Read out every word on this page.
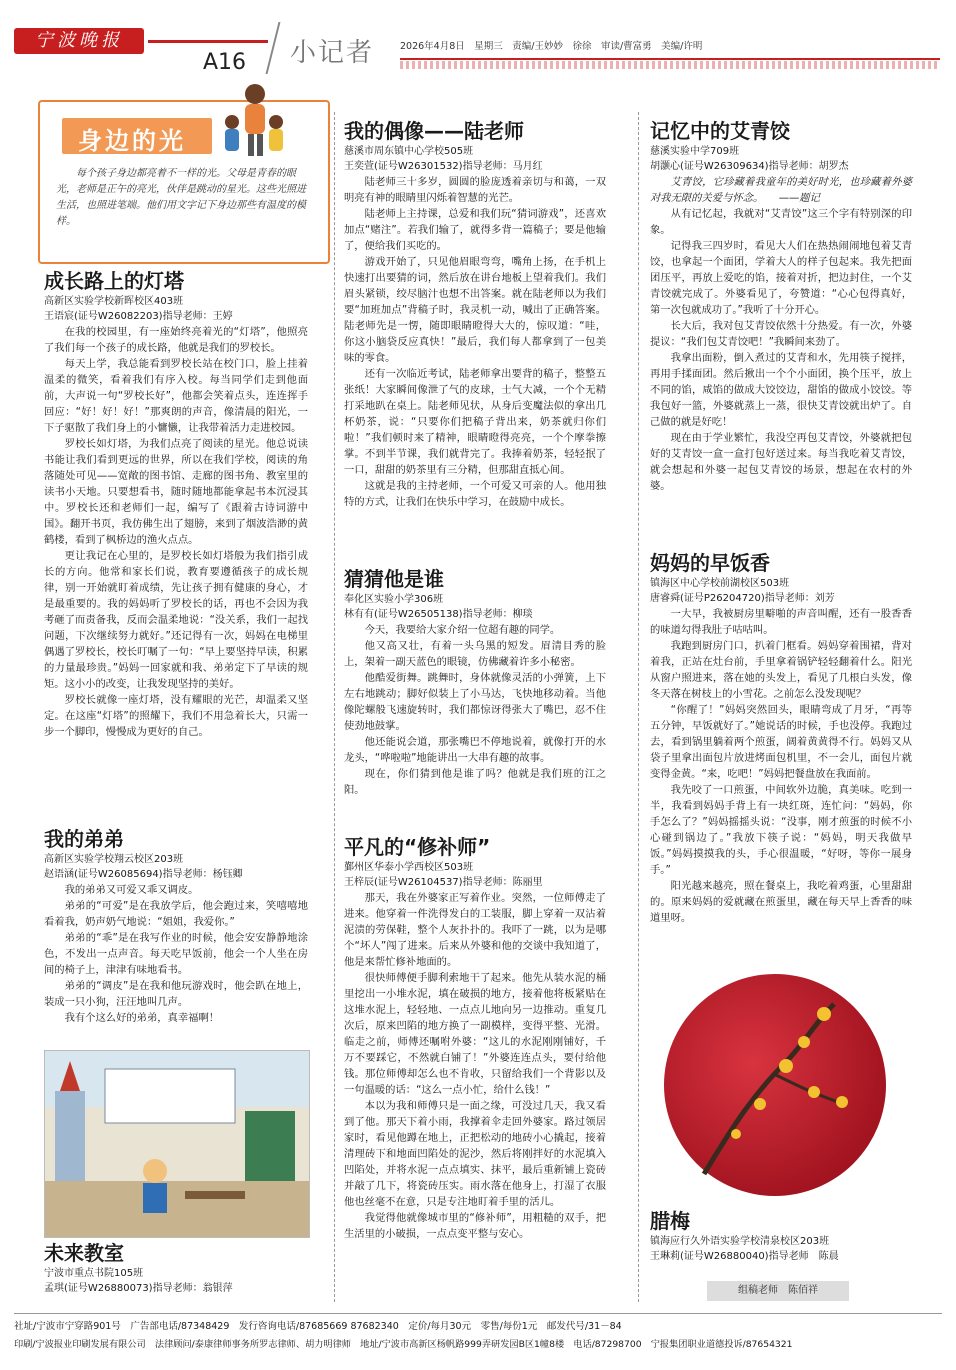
宁波晚报
A16 小记者	2026年4月8日　星期三　责编/王妙妙　徐徐　审读/曹富勇　美编/许明
身边的光

每个孩子身边都亮着不一样的光。父母是青春的眼光，老师是正午的亮光，伙伴是跳动的星光。这些光照进生活，也照进笔端。他们用文字记下身边那些有温度的模样。

成长路上的灯塔

高新区实验学校新晖校区403班

王语宸(证号W26082203)指导老师：王婷

在我的校园里，有一座始终亮着光的“灯塔”，他照亮了我们每一个孩子的成长路，他就是我们的罗校长。

每天上学，我总能看到罗校长站在校门口，脸上挂着温柔的微笑，看着我们有序入校。每当同学们走到他面前，大声说一句“罗校长好”，他都会笑着点头，连连挥手回应：“好！好！好！”那爽朗的声音，像清晨的阳光，一下子驱散了我们身上的小慵懒，让我带着活力走进校园。

罗校长如灯塔，为我们点亮了阅读的星光。他总说读书能让我们看到更远的世界，所以在我们学校，阅读的角落随处可见——宽敞的图书馆、走廊的图书角、教室里的读书小天地。只要想看书，随时随地都能拿起书本沉浸其中。罗校长还和老师们一起，编写了《跟着古诗词游中国》。翻开书页，我仿佛生出了翅膀，来到了烟波浩渺的黄鹤楼，看到了枫桥边的渔火点点。

更让我记在心里的，是罗校长如灯塔般为我们指引成长的方向。他常和家长们说，教育要遵循孩子的成长规律，别一开始就盯着成绩，先让孩子拥有健康的身心，才是最重要的。我的妈妈听了罗校长的话，再也不会因为我考砸了而责备我，反而会温柔地说：“没关系，我们一起找问题，下次继续努力就好。”还记得有一次，妈妈在电梯里偶遇了罗校长，校长叮嘱了一句：“早上要坚持早读，积累的力量最珍贵。”妈妈一回家就和我、弟弟定下了早读的规矩。这小小的改变，让我发现坚持的美好。

罗校长就像一座灯塔，没有耀眼的光芒，却温柔又坚定。在这座“灯塔”的照耀下，我们不用急着长大，只需一步一个脚印，慢慢成为更好的自己。

我的弟弟

高新区实验学校翔云校区203班

赵语涵(证号W26085694)指导老师：杨钰卿

我的弟弟又可爱又乖又调皮。

弟弟的“可爱”是在我放学后，他会跑过来，笑嘻嘻地看着我，奶声奶气地说：“姐姐，我爱你。”

弟弟的“乖”是在我写作业的时候，他会安安静静地涂色，不发出一点声音。每天吃早饭前，他会一个人坐在房间的椅子上，津津有味地看书。

弟弟的“调皮”是在我和他玩游戏时，他会趴在地上，装成一只小狗，汪汪地叫几声。

我有个这么好的弟弟，真幸福啊！

未来教室

宁波市重点书院105班

孟琪(证号W26880073)指导老师：翁银萍

我的偶像——陆老师

慈溪市周东镇中心学校505班

王奕萱(证号W26301532)指导老师：马月红

陆老师三十多岁，圆圆的脸庞透着亲切与和蔼，一双明亮有神的眼睛里闪烁着智慧的光芒。

陆老师上主持课，总爱和我们玩“猜词游戏”，还喜欢加点“赌注”。若我们输了，就得多背一篇稿子；要是他输了，便给我们买吃的。

游戏开始了，只见他眉眼弯弯，嘴角上扬，在手机上快速打出要猜的词，然后放在讲台地板上望着我们。我们眉头紧锁，绞尽脑汁也想不出答案。就在陆老师以为我们要“加班加点”背稿子时，我灵机一动，喊出了正确答案。陆老师先是一愣，随即眼睛瞪得大大的，惊叹道：“哇，你这小脑袋反应真快！”最后，我们每人都拿到了一包美味的零食。

还有一次临近考试，陆老师拿出要背的稿子，整整五张纸！大家瞬间像泄了气的皮球，士气大减，一个个无精打采地趴在桌上。陆老师见状，从身后变魔法似的拿出几杯奶茶，说：“只要你们把稿子背出来，奶茶就归你们啦！”我们顿时来了精神，眼睛瞪得亮亮，一个个摩拳擦掌。不到半节课，我们就背完了。我捧着奶茶，轻轻抿了一口，甜甜的奶茶里有三分精，但那甜直抵心间。

这就是我的主持老师，一个可爱又可亲的人。他用独特的方式，让我们在快乐中学习，在鼓励中成长。

猜猜他是谁

奉化区实验小学306班

林有有(证号W26505138)指导老师：柳琰

今天，我要给大家介绍一位超有趣的同学。

他又高又壮，有着一头乌黑的短发。眉清目秀的脸上，架着一副天蓝色的眼镜，仿佛藏着许多小秘密。

他酷爱街舞。跳舞时，身体就像灵活的小弹簧，上下左右地跳动；脚好似装上了小马达，飞快地移动着。当他像陀螺般飞速旋转时，我们都惊讶得张大了嘴巴，忍不住使劲地鼓掌。

他还能说会道，那张嘴巴不停地说着，就像打开的水龙头，“哗啦啦”地能讲出一大串有趣的故事。

现在，你们猜到他是谁了吗？他就是我们班的江之阳。

平凡的“修补师”

鄞州区华泰小学西校区503班

王梓辰(证号W26104537)指导老师：陈丽里

那天，我在外婆家正写着作业。突然，一位师傅走了进来。他穿着一件洗得发白的工装服，脚上穿着一双沾着泥渍的劳保鞋，整个人灰扑扑的。我吓了一跳，以为是哪个“坏人”闯了进来。后来从外婆和他的交谈中我知道了，他是来帮忙修补地面的。

很快师傅便手脚利索地干了起来。他先从装水泥的桶里挖出一小堆水泥，填在破损的地方，接着他将板紧贴在这堆水泥上，轻轻地、一点点儿地向另一边推动。重复几次后，原来凹陷的地方换了一副模样，变得平整、光滑。临走之前，师傅还嘱咐外婆：“这儿的水泥刚刚铺好，千万不要踩它，不然就白铺了！”外婆连连点头，要付给他钱。那位师傅却怎么也不肯收，只留给我们一个背影以及一句温暖的话：“这么一点小忙，给什么钱！”

本以为我和师傅只是一面之缘，可没过几天，我又看到了他。那天下着小雨，我撑着伞走回外婆家。路过领居家时，看见他蹲在地上，正把松动的地砖小心撬起，接着清理砖下和地面凹陷处的泥沙，然后将刚拌好的水泥填入凹陷处，并将水泥一点点填实、抹平，最后重新铺上瓷砖并敲了几下，将瓷砖压实。雨水落在他身上，打湿了衣服他也丝毫不在意，只是专注地盯着手里的活儿。

我觉得他就像城市里的“修补师”，用粗糙的双手，把生活里的小破损，一点点变平整与安心。

记忆中的艾青饺

慈溪实验中学709班

胡灏心(证号W26309634)指导老师：胡罗杰

艾青饺，它珍藏着我童年的美好时光，也珍藏着外婆对我无限的关爱与怀念。　　——题记

从有记忆起，我就对“艾青饺”这三个字有特别深的印象。

记得我三四岁时，看见大人们在热热闹闹地包着艾青饺，也拿起一个面团，学着大人的样子包起来。我先把面团压平，再放上爱吃的馅，接着对折，把边封住，一个艾青饺就完成了。外婆看见了，夸赞道：“心心包得真好，第一次包就成功了。”我听了十分开心。

长大后，我对包艾青饺依然十分热爱。有一次，外婆提议：“我们包艾青饺吧！”我瞬间来劲了。

我拿出面粉，倒入煮过的艾青和水，先用筷子搅拌，再用手揉面团。然后揪出一个个小面团，换个压平，放上不同的馅，咸馅的做成大饺饺边，甜馅的做成小饺饺。等我包好一篮，外婆就蒸上一蒸，很快艾青饺就出炉了。自己做的就是好吃！

现在由于学业繁忙，我没空再包艾青饺，外婆就把包好的艾青饺一盒一盒打包好送过来。每当我吃着艾青饺，就会想起和外婆一起包艾青饺的场景，想起在农村的外婆。

妈妈的早饭香

镇海区中心学校前湖校区503班

唐睿舜(证号P26204720)指导老师：刘芳

一大早，我被厨房里噼啪的声音叫醒，还有一股香香的味道勾得我肚子咕咕叫。

我跑到厨房门口，扒着门框看。妈妈穿着围裙，背对着我，正站在灶台前，手里拿着锅铲轻轻翻着什么。阳光从窗户照进来，落在她的头发上，看见了几根白头发，像冬天落在树枝上的小雪花。之前怎么没发现呢？

“你醒了！”妈妈突然回头，眼睛弯成了月牙，“再等五分钟，早饭就好了。”她说话的时候，手也没停。我跑过去，看到锅里躺着两个煎蛋，阔着黄黄得不行。妈妈又从袋子里拿出面包片放进烤面包机里，不一会儿，面包片就变得金黄。“来，吃吧！”妈妈把餐盘放在我面前。

我先咬了一口煎蛋，中间软外边脆，真美味。吃到一半，我看到妈妈手背上有一块红斑，连忙问：“妈妈，你手怎么了？”妈妈摇摇头说：“没事，刚才煎蛋的时候不小心碰到锅边了。”我放下筷子说：“妈妈，明天我做早饭。”妈妈摸摸我的头，手心很温暖，“好呀，等你一展身手。”

阳光越来越亮，照在餐桌上，我吃着鸡蛋，心里甜甜的。原来妈妈的爱就藏在煎蛋里，藏在每天早上香香的味道里呀。

腊梅

镇海应行久外语实验学校清泉校区203班

王琳莉(证号W26880040)指导老师　陈晨

组稿老师　陈佰祥
社址/宁波市宁穿路901号　广告部电话/87348429　发行咨询电话/87685669 87682340　定价/每月30元　零售/每份1元　邮发代号/31－84
印刷/宁波报业印刷发展有限公司　法律顾问/泰康律师事务所罗志律师、胡力明律师　地址/宁波市高新区杨帆路999弄研发园B区1幢8楼　电话/87298700　宁报集团职业道德投诉/87654321
